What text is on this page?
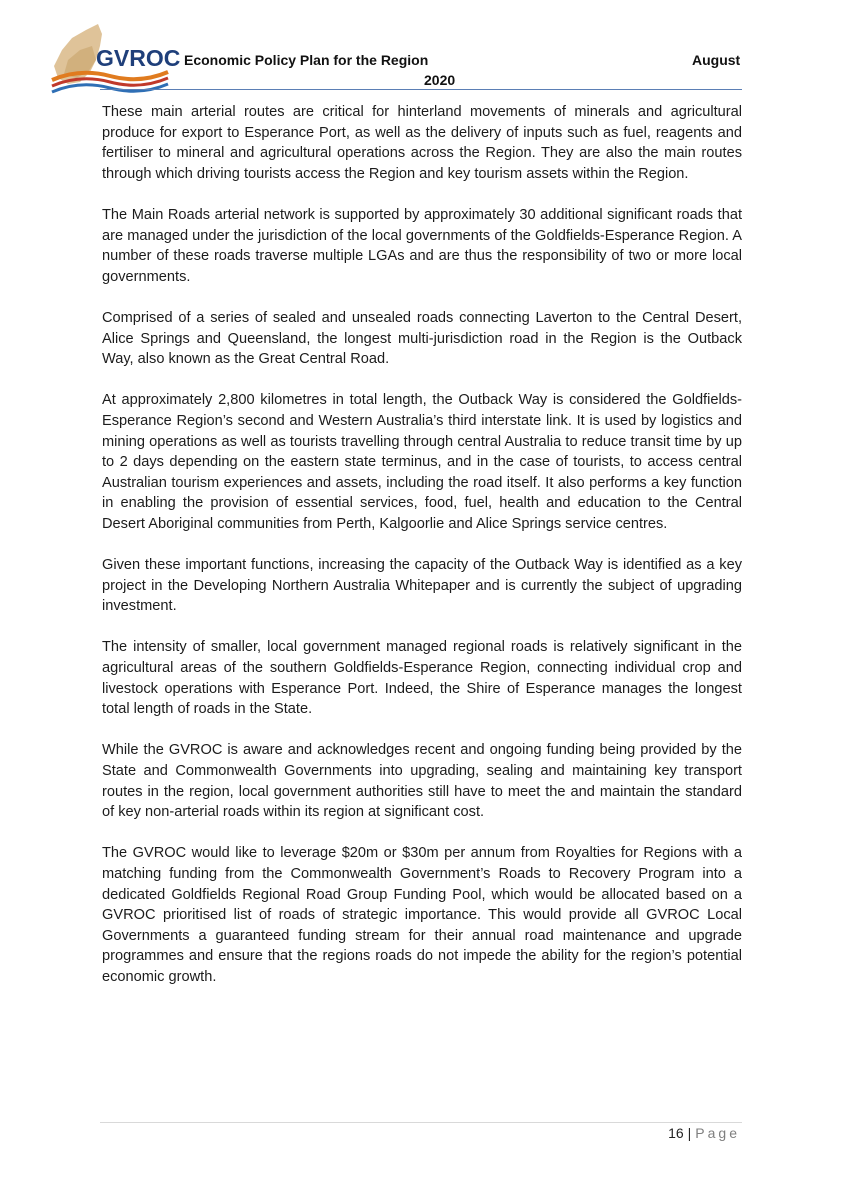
GVROC Economic Policy Plan for the Region	August
2020

These main arterial routes are critical for hinterland movements of minerals and agricultural produce for export to Esperance Port, as well as the delivery of inputs such as fuel, reagents and fertiliser to mineral and agricultural operations across the Region. They are also the main routes through which driving tourists access the Region and key tourism assets within the Region.

The Main Roads arterial network is supported by approximately 30 additional significant roads that are managed under the jurisdiction of the local governments of the Goldfields-Esperance Region. A number of these roads traverse multiple LGAs and are thus the responsibility of two or more local governments.

Comprised of a series of sealed and unsealed roads connecting Laverton to the Central Desert, Alice Springs and Queensland, the longest multi-jurisdiction road in the Region is the Outback Way, also known as the Great Central Road.

At approximately 2,800 kilometres in total length, the Outback Way is considered the Goldfields-Esperance Region’s second and Western Australia’s third interstate link. It is used by logistics and mining operations as well as tourists travelling through central Australia to reduce transit time by up to 2 days depending on the eastern state terminus, and in the case of tourists, to access central Australian tourism experiences and assets, including the road itself. It also performs a key function in enabling the provision of essential services, food, fuel, health and education to the Central Desert Aboriginal communities from Perth, Kalgoorlie and Alice Springs service centres.

Given these important functions, increasing the capacity of the Outback Way is identified as a key project in the Developing Northern Australia Whitepaper and is currently the subject of upgrading investment.

The intensity of smaller, local government managed regional roads is relatively significant in the agricultural areas of the southern Goldfields-Esperance Region, connecting individual crop and livestock operations with Esperance Port. Indeed, the Shire of Esperance manages the longest total length of roads in the State.

While the GVROC is aware and acknowledges recent and ongoing funding being provided by the State and Commonwealth Governments into upgrading, sealing and maintaining key transport routes in the region, local government authorities still have to meet the and maintain the standard of key non-arterial roads within its region at significant cost.

The GVROC would like to leverage $20m or $30m per annum from Royalties for Regions with a matching funding from the Commonwealth Government’s Roads to Recovery Program into a dedicated Goldfields Regional Road Group Funding Pool, which would be allocated based on a GVROC prioritised list of roads of strategic importance. This would provide all GVROC Local Governments a guaranteed funding stream for their annual road maintenance and upgrade programmes and ensure that the regions roads do not impede the ability for the region’s potential economic growth.

16 | Page
